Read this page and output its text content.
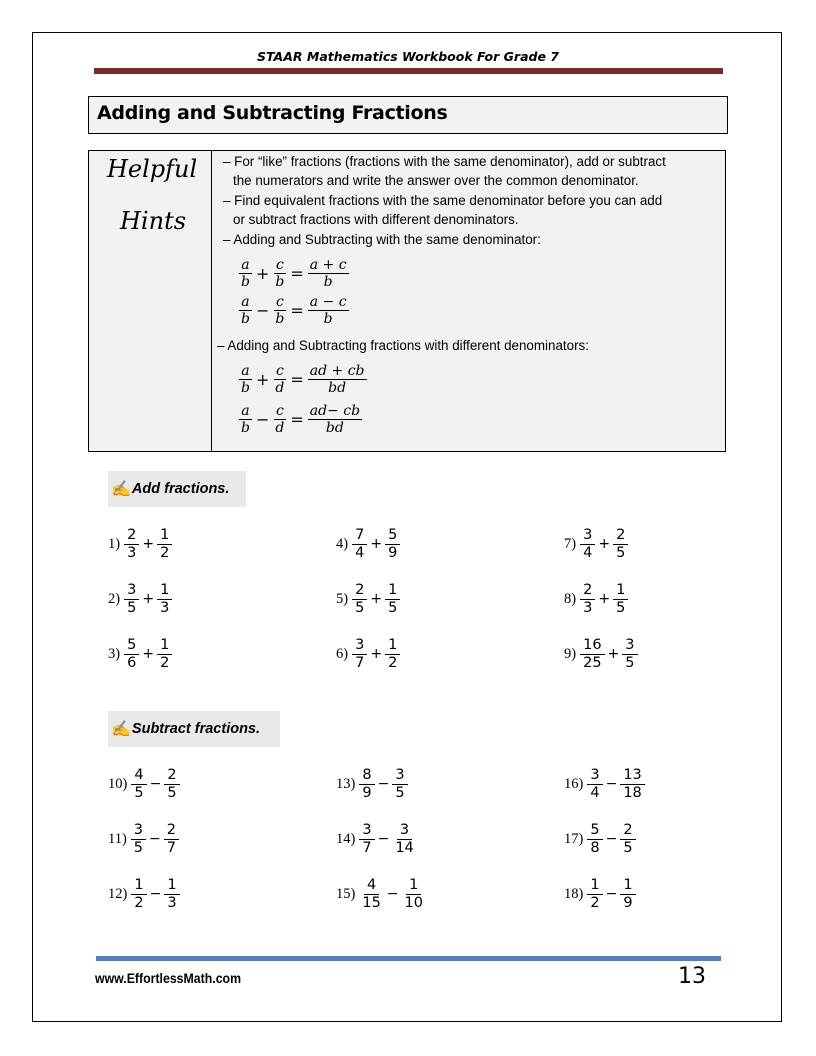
STAAR Mathematics Workbook For Grade 7
Adding and Subtracting Fractions
Helpful
Hints
– For “like” fractions (fractions with the same denominator), add or subtract
the numerators and write the answer over the common denominator.
– Find equivalent fractions with the same denominator before you can add
or subtract fractions with different denominators.
– Adding and Subtracting with the same denominator:
$\frac{a}{b} + \frac{c}{b} = \frac{a + c}{b}$
$\frac{a}{b} - \frac{c}{b} = \frac{a - c}{b}$
– Adding and Subtracting fractions with different denominators:
$\frac{a}{b} + \frac{c}{d} = \frac{ad + cb}{bd}$
$\frac{a}{b} - \frac{c}{d} = \frac{ad- cb}{bd}$
✍ Add fractions.
$1) \frac{2}{3} + \frac{1}{2}$	$4) \frac{7}{4} + \frac{5}{9}$	$7) \frac{3}{4} + \frac{2}{5}$
$2) \frac{3}{5} + \frac{1}{3}$	$5) \frac{2}{5} + \frac{1}{5}$	$8) \frac{2}{3} + \frac{1}{5}$
$3) \frac{5}{6} + \frac{1}{2}$	$6) \frac{3}{7} + \frac{1}{2}$	$9) \frac{16}{25} + \frac{3}{5}$
✍ Subtract fractions.
$10) \frac{4}{5} - \frac{2}{5}$	$13) \frac{8}{9} - \frac{3}{5}$	$16) \frac{3}{4} - \frac{13}{18}$
$11) \frac{3}{5} - \frac{2}{7}$	$14) \frac{3}{7} - \frac{3}{14}$	$17) \frac{5}{8} - \frac{2}{5}$
$12) \frac{1}{2} - \frac{1}{3}$	$15) \frac{4}{15} - \frac{1}{10}$	$18) \frac{1}{2} - \frac{1}{9}$
www.EffortlessMath.com	13
